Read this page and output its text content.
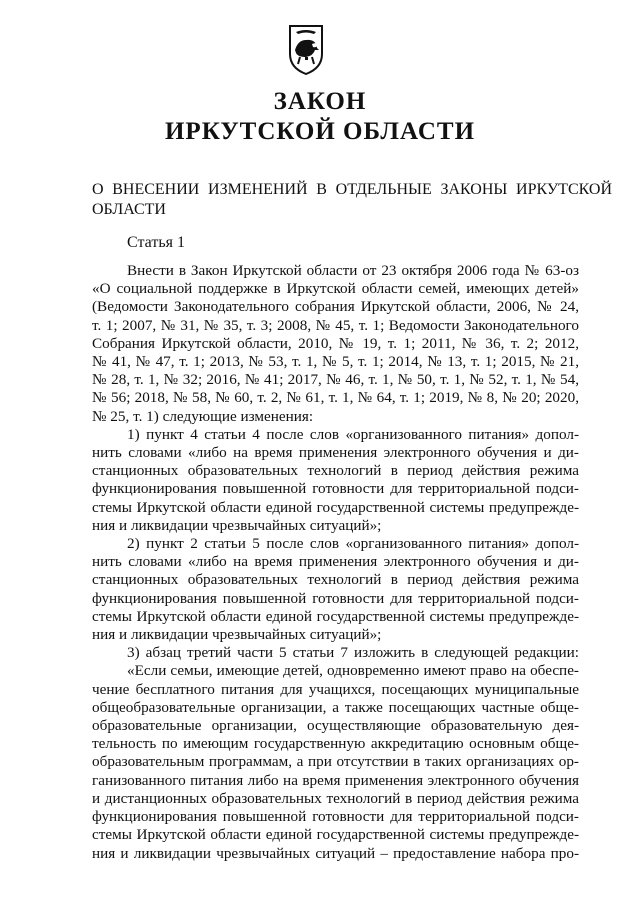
ЗАКОН
ИРКУТСКОЙ ОБЛАСТИ
О ВНЕСЕНИИ ИЗМЕНЕНИЙ В ОТДЕЛЬНЫЕ ЗАКОНЫ ИРКУТСКОЙ ОБЛАСТИ
Статья 1

Внести в Закон Иркутской области от 23 октября 2006 года № 63-оз

«О социальной поддержке в Иркутской области семей, имеющих детей»

(Ведомости Законодательного собрания Иркутской области, 2006, № 24,

т. 1; 2007, № 31, № 35, т. 3; 2008, № 45, т. 1; Ведомости Законодательного

Собрания Иркутской области, 2010, № 19, т. 1; 2011, № 36, т. 2; 2012,

№ 41, № 47, т. 1; 2013, № 53, т. 1, № 5, т. 1; 2014, № 13, т. 1; 2015, № 21,

№ 28, т. 1, № 32; 2016, № 41; 2017, № 46, т. 1, № 50, т. 1, № 52, т. 1, № 54,

№ 56; 2018, № 58, № 60, т. 2, № 61, т. 1, № 64, т. 1; 2019, № 8, № 20; 2020,

№ 25, т. 1) следующие изменения:

1) пункт 4 статьи 4 после слов «организованного питания» допол-

нить словами «либо на время применения электронного обучения и ди-

станционных образовательных технологий в период действия режима

функционирования повышенной готовности для территориальной подси-

стемы Иркутской области единой государственной системы предупрежде-

ния и ликвидации чрезвычайных ситуаций»;

2) пункт 2 статьи 5 после слов «организованного питания» допол-

нить словами «либо на время применения электронного обучения и ди-

станционных образовательных технологий в период действия режима

функционирования повышенной готовности для территориальной подси-

стемы Иркутской области единой государственной системы предупрежде-

ния и ликвидации чрезвычайных ситуаций»;

3) абзац третий части 5 статьи 7 изложить в следующей редакции:

«Если семьи, имеющие детей, одновременно имеют право на обеспе-

чение бесплатного питания для учащихся, посещающих муниципальные

общеобразовательные организации, а также посещающих частные обще-

образовательные организации, осуществляющие образовательную дея-

тельность по имеющим государственную аккредитацию основным обще-

образовательным программам, а при отсутствии в таких организациях ор-

ганизованного питания либо на время применения электронного обучения

и дистанционных образовательных технологий в период действия режима

функционирования повышенной готовности для территориальной подси-

стемы Иркутской области единой государственной системы предупрежде-

ния и ликвидации чрезвычайных ситуаций – предоставление набора про-
